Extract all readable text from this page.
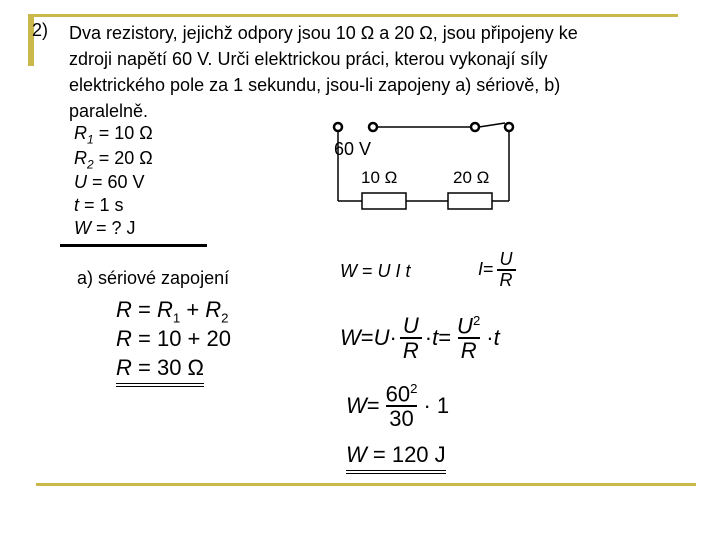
2) Dva rezistory, jejichž odpory jsou 10 Ω a 20 Ω, jsou připojeny ke
zdroji napětí 60 V. Urči elektrickou práci, kterou vykonají síly
elektrického pole za 1 sekundu, jsou-li zapojeny a) sériově, b)
paralelně.
$R_1 = 10$ Ω
$R_2 = 20$ Ω
U = 60 V
t = 1 s
W = ? J
60 V
10 Ω	20 Ω
a) sériové zapojení
$R = R_1 + R_2$
R = 10 + 20
R = 30 Ω
W = U I t	$I = \frac{U}{R}$
$W = U \cdot \frac{U}{R} \cdot t = \frac{U^2}{R} \cdot t$
$W = \frac{60^2}{30} \cdot 1$
W = 120 J
